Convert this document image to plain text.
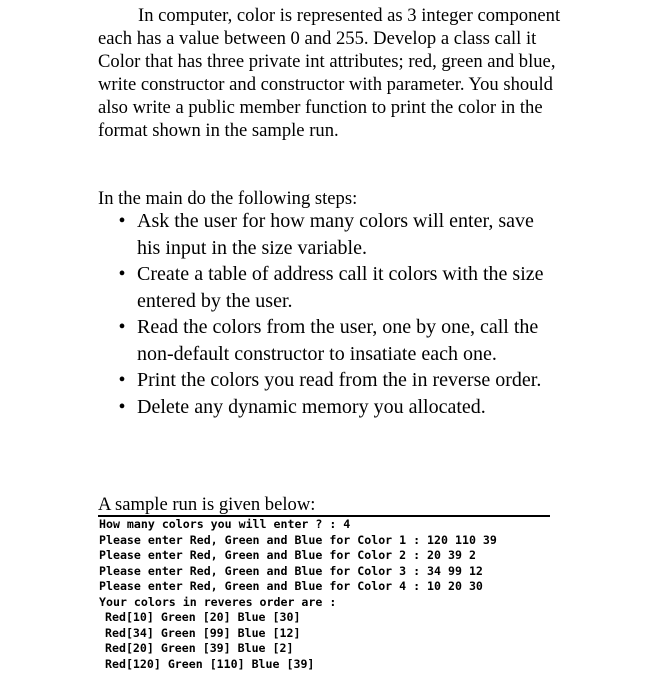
In computer, color is represented as 3 integer component each has a value between 0 and 255. Develop a class call it Color that has three private int attributes; red, green and blue, write constructor and constructor with parameter. You should also write a public member function to print the color in the format shown in the sample run.

In the main do the following steps:

• Ask the user for how many colors will enter, save his input in the size variable.
• Create a table of address call it colors with the size entered by the user.
• Read the colors from the user, one by one, call the non-default constructor to insatiate each one.
• Print the colors you read from the in reverse order.
• Delete any dynamic memory you allocated.

A sample run is given below:

How many colors you will enter ? : 4
Please enter Red, Green and Blue for Color 1 : 120 110 39
Please enter Red, Green and Blue for Color 2 : 20 39 2
Please enter Red, Green and Blue for Color 3 : 34 99 12
Please enter Red, Green and Blue for Color 4 : 10 20 30
Your colors in reveres order are :
Red[10] Green [20] Blue [30]
Red[34] Green [99] Blue [12]
Red[20] Green [39] Blue [2]
Red[120] Green [110] Blue [39]
